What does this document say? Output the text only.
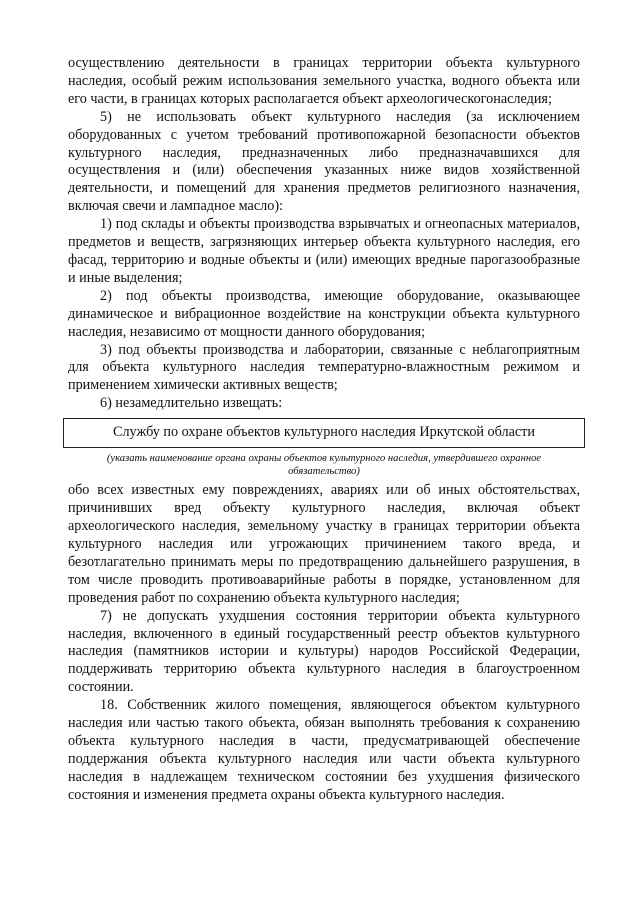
осуществлению деятельности в границах территории объекта культурного наследия, особый режим использования земельного участка, водного объекта или его части, в границах которых располагается объект археологическогонаследия;

5) не использовать объект культурного наследия (за исключением оборудованных с учетом требований противопожарной безопасности объектов культурного наследия, предназначенных либо предназначавшихся для осуществления и (или) обеспечения указанных ниже видов хозяйственной деятельности, и помещений для хранения предметов религиозного назначения, включая свечи и лампадное масло):

1) под склады и объекты производства взрывчатых и огнеопасных материалов, предметов и веществ, загрязняющих интерьер объекта культурного наследия, его фасад, территорию и водные объекты и (или) имеющих вредные парогазообразные и иные выделения;

2) под объекты производства, имеющие оборудование, оказывающее динамическое и вибрационное воздействие на конструкции объекта культурного наследия, независимо от мощности данного оборудования;

3) под объекты производства и лаборатории, связанные с неблагоприятным для объекта культурного наследия температурно-влажностным режимом и применением химически активных веществ;

6) незамедлительно извещать:

Службу по охране объектов культурного наследия Иркутской области

(указать наименование органа охраны объектов культурного наследия, утвердившего охранное обязательство)

обо всех известных ему повреждениях, авариях или об иных обстоятельствах, причинивших вред объекту культурного наследия, включая объект археологического наследия, земельному участку в границах территории объекта культурного наследия или угрожающих причинением такого вреда, и безотлагательно принимать меры по предотвращению дальнейшего разрушения, в том числе проводить противоаварийные работы в порядке, установленном для проведения работ по сохранению объекта культурного наследия;

7) не допускать ухудшения состояния территории объекта культурного наследия, включенного в единый государственный реестр объектов культурного наследия (памятников истории и культуры) народов Российской Федерации, поддерживать территорию объекта культурного наследия в благоустроенном состоянии.

18. Собственник жилого помещения, являющегося объектом культурного наследия или частью такого объекта, обязан выполнять требования к сохранению объекта культурного наследия в части, предусматривающей обеспечение поддержания объекта культурного наследия или части объекта культурного наследия в надлежащем техническом состоянии без ухудшения физического состояния и изменения предмета охраны объекта культурного наследия.
